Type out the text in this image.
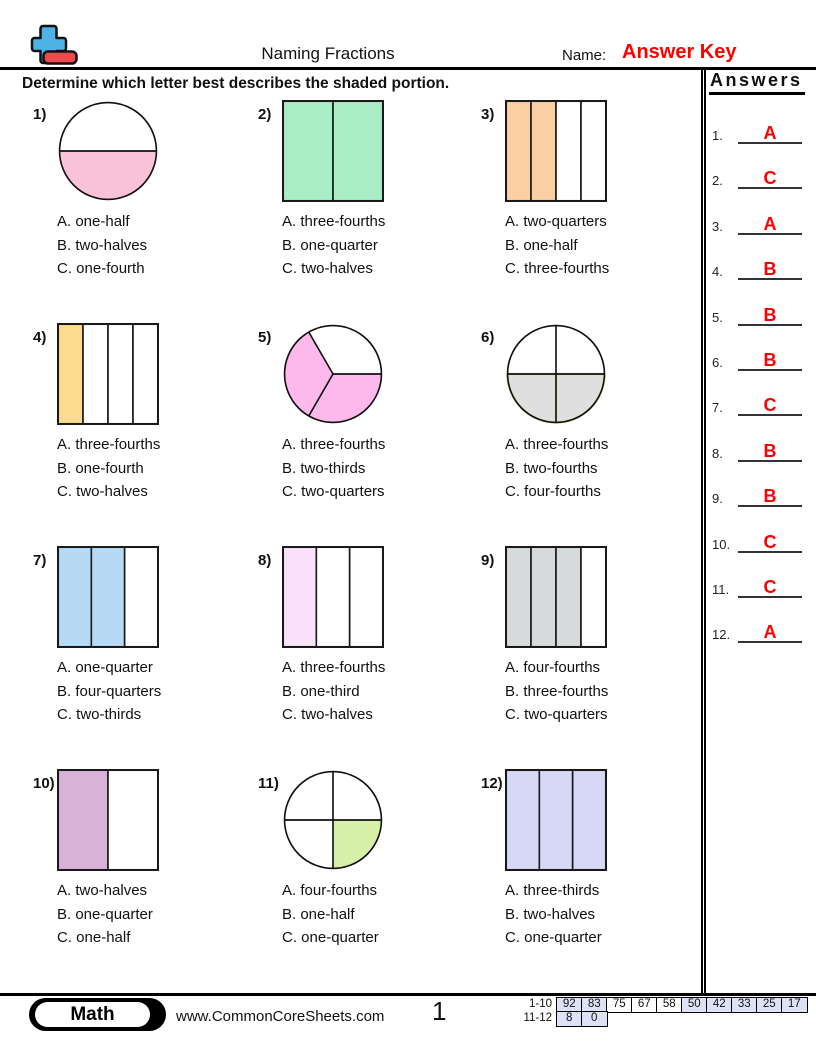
Naming Fractions	Name: Answer Key
Determine which letter best describes the shaded portion.	Answers
1. A
2. C
3. A
4. B
5. B
6. B
7. C
8. B
9. B
10. C
11. C
12. A
1)
A. one-half
B. two-halves
C. one-fourth
2)
A. three-fourths
B. one-quarter
C. two-halves
3)
A. two-quarters
B. one-half
C. three-fourths
4)
A. three-fourths
B. one-fourth
C. two-halves
5)
A. three-fourths
B. two-thirds
C. two-quarters
6)
A. three-fourths
B. two-fourths
C. four-fourths
7)
A. one-quarter
B. four-quarters
C. two-thirds
8)
A. three-fourths
B. one-third
C. two-halves
9)
A. four-fourths
B. three-fourths
C. two-quarters
10)
A. two-halves
B. one-quarter
C. one-half
11)
A. four-fourths
B. one-half
C. one-quarter
12)
A. three-thirds
B. two-halves
C. one-quarter
Math	www.CommonCoreSheets.com 1	1-10 92	83	75	67	58	50	42	33	25	17
11-12	8	0
